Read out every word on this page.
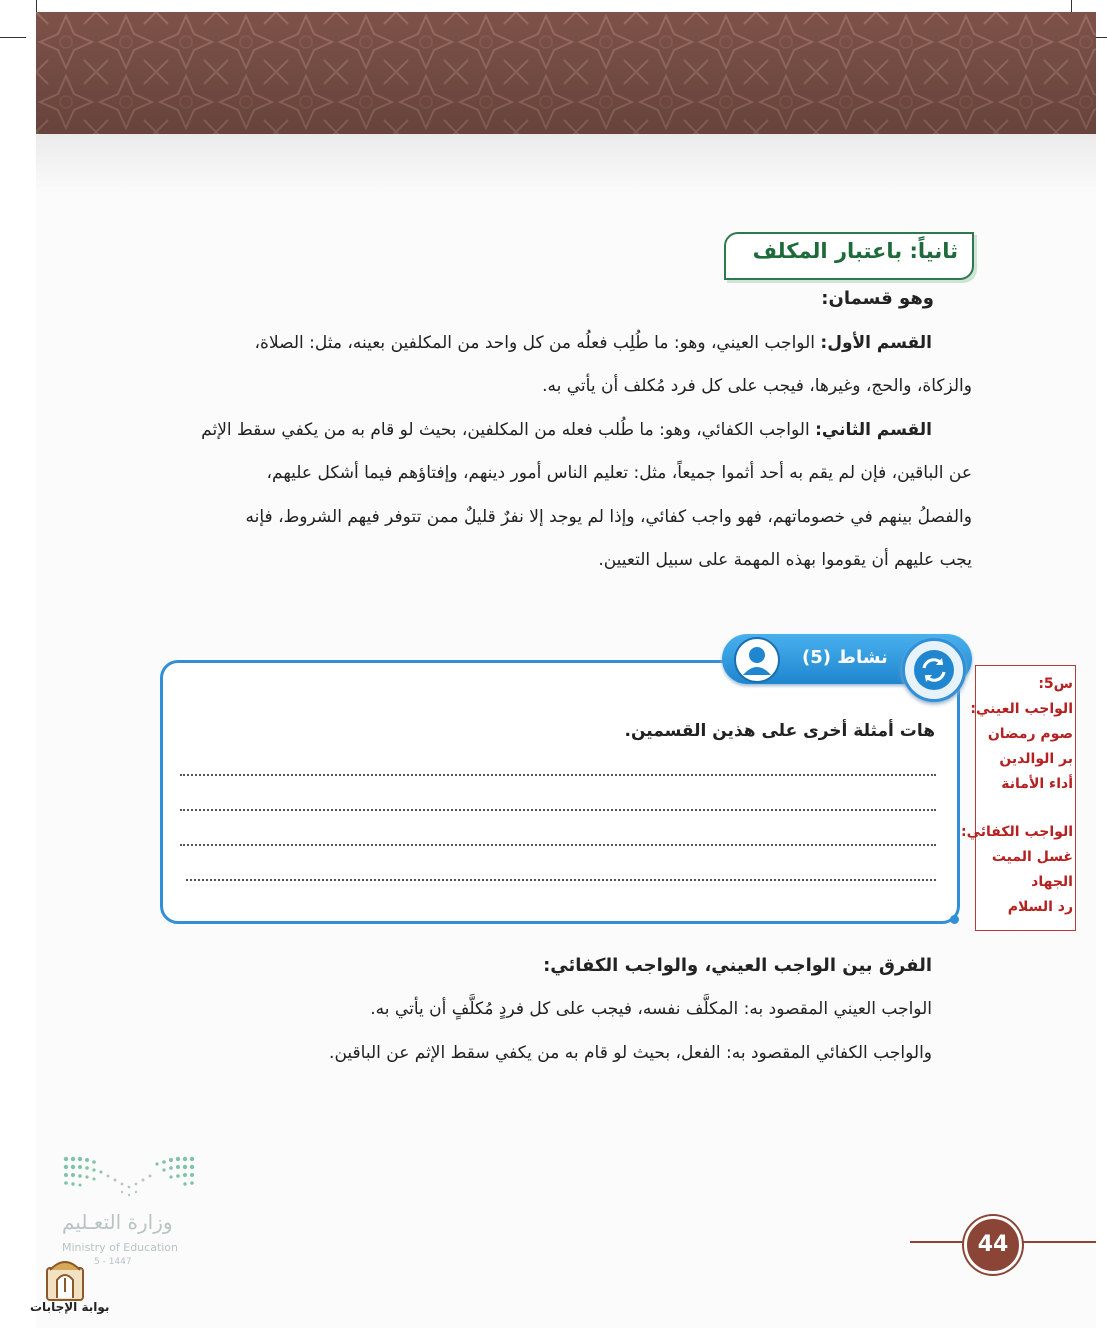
ثانياً: باعتبار المكلف
وهو قسمان:
القسم الأول: الواجب العيني، وهو: ما طُلِب فعلُه من كل واحد من المكلفين بعينه، مثل: الصلاة،
والزكاة، والحج، وغيرها، فيجب على كل فرد مُكلف أن يأتي به.
القسم الثاني: الواجب الكفائي، وهو: ما طُلب فعله من المكلفين، بحيث لو قام به من يكفي سقط الإثم
عن الباقين، فإن لم يقم به أحد أثموا جميعاً، مثل: تعليم الناس أمور دينهم، وإفتاؤهم فيما أشكل عليهم،
والفصلُ بينهم في خصوماتهم، فهو واجب كفائي، وإذا لم يوجد إلا نفرٌ قليلٌ ممن تتوفر فيهم الشروط، فإنه
يجب عليهم أن يقوموا بهذه المهمة على سبيل التعيين.
نشاط (5)
هات أمثلة أخرى على هذين القسمين.
س5:
الواجب العيني:
صوم رمضان
بر الوالدين
أداء الأمانة
الواجب الكفائي:
غسل الميت
الجهاد
رد السلام
الفرق بين الواجب العيني، والواجب الكفائي:
الواجب العيني المقصود به: المكلَّف نفسه، فيجب على كل فردٍ مُكلَّفٍ أن يأتي به.
والواجب الكفائي المقصود به: الفعل، بحيث لو قام به من يكفي سقط الإثم عن الباقين.
وزارة التعـليم
Ministry of Education
5 - 1447
بوابة الإجابات
44
